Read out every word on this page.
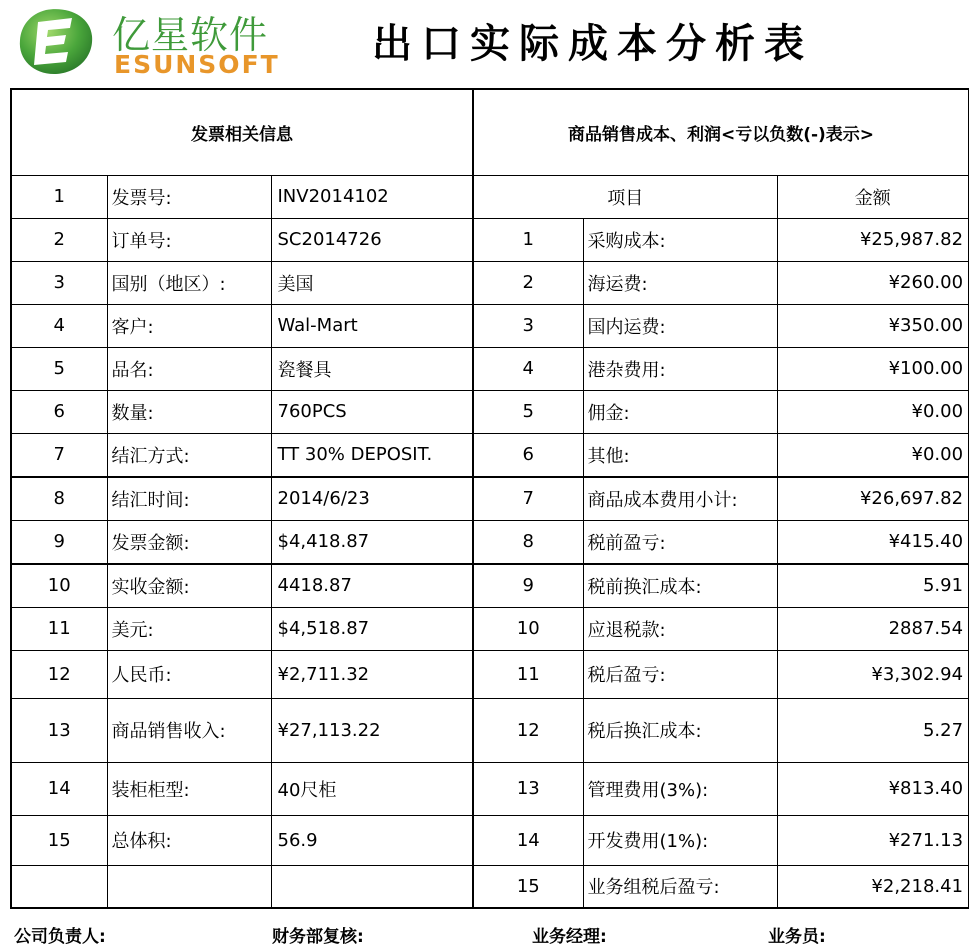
亿星软件
ESUNSOFT 出口实际成本分析表
发票相关信息			商品销售成本、利润<亏以负数(-)表示>		
1	发票号:	INV2014102	项目		金额
2	订单号:	SC2014726	1	采购成本:	¥25,987.82
3	国别（地区）:	美国	2	海运费:	¥260.00
4	客户:	Wal-Mart	3	国内运费:	¥350.00
5	品名:	瓷餐具	4	港杂费用:	¥100.00
6	数量:	760PCS	5	佣金:	¥0.00
7	结汇方式:	TT 30% DEPOSIT.	6	其他:	¥0.00
8	结汇时间:	2014/6/23	7	商品成本费用小计:	¥26,697.82
9	发票金额:	$4,418.87	8	税前盈亏:	¥415.40
10	实收金额:	4418.87	9	税前换汇成本:	5.91
11	美元:	$4,518.87	10	应退税款:	2887.54
12	人民币:	¥2,711.32	11	税后盈亏:	¥3,302.94
13	商品销售收入:	¥27,113.22	12	税后换汇成本:	5.27
14	装柜柜型:	40尺柜	13	管理费用(3%):	¥813.40
15	总体积:	56.9	14	开发费用(1%):	¥271.13
			15	业务组税后盈亏:	¥2,218.41
公司负责人:	财务部复核:	业务经理:	业务员:
